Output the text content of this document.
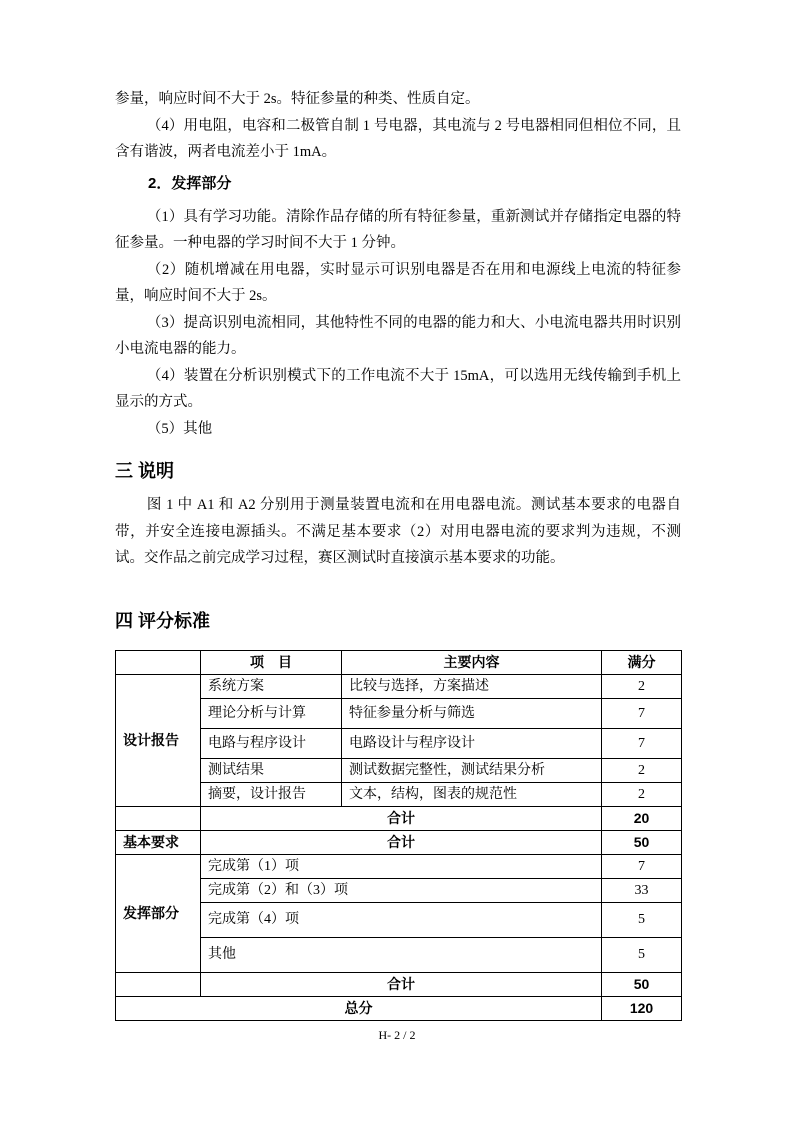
参量，响应时间不大于 2s。特征参量的种类、性质自定。

（4）用电阻，电容和二极管自制 1 号电器，其电流与 2 号电器相同但相位不同，且含有谐波，两者电流差小于 1mA。

2．发挥部分

（1）具有学习功能。清除作品存储的所有特征参量，重新测试并存储指定电器的特征参量。一种电器的学习时间不大于 1 分钟。

（2）随机增减在用电器，实时显示可识别电器是否在用和电源线上电流的特征参量，响应时间不大于 2s。

（3）提高识别电流相同，其他特性不同的电器的能力和大、小电流电器共用时识别小电流电器的能力。

（4）装置在分析识别模式下的工作电流不大于 15mA，可以选用无线传输到手机上显示的方式。

（5）其他

三 说明

图 1 中 A1 和 A2 分别用于测量装置电流和在用电器电流。测试基本要求的电器自带，并安全连接电源插头。不满足基本要求（2）对用电器电流的要求判为违规，不测试。交作品之前完成学习过程，赛区测试时直接演示基本要求的功能。

四 评分标准
	项　目	主要内容	满分
设计报告	系统方案	比较与选择，方案描述	2
	理论分析与计算	特征参量分析与筛选	7
	电路与程序设计	电路设计与程序设计	7
	测试结果	测试数据完整性，测试结果分析	2
	摘要，设计报告	文本，结构，图表的规范性	2
	合计		20
基本要求	合计		50
发挥部分	完成第（1）项		7
	完成第（2）和（3）项		33
	完成第（4）项		5
	其他		5
	合计		50
总分			120
H- 2 / 2
